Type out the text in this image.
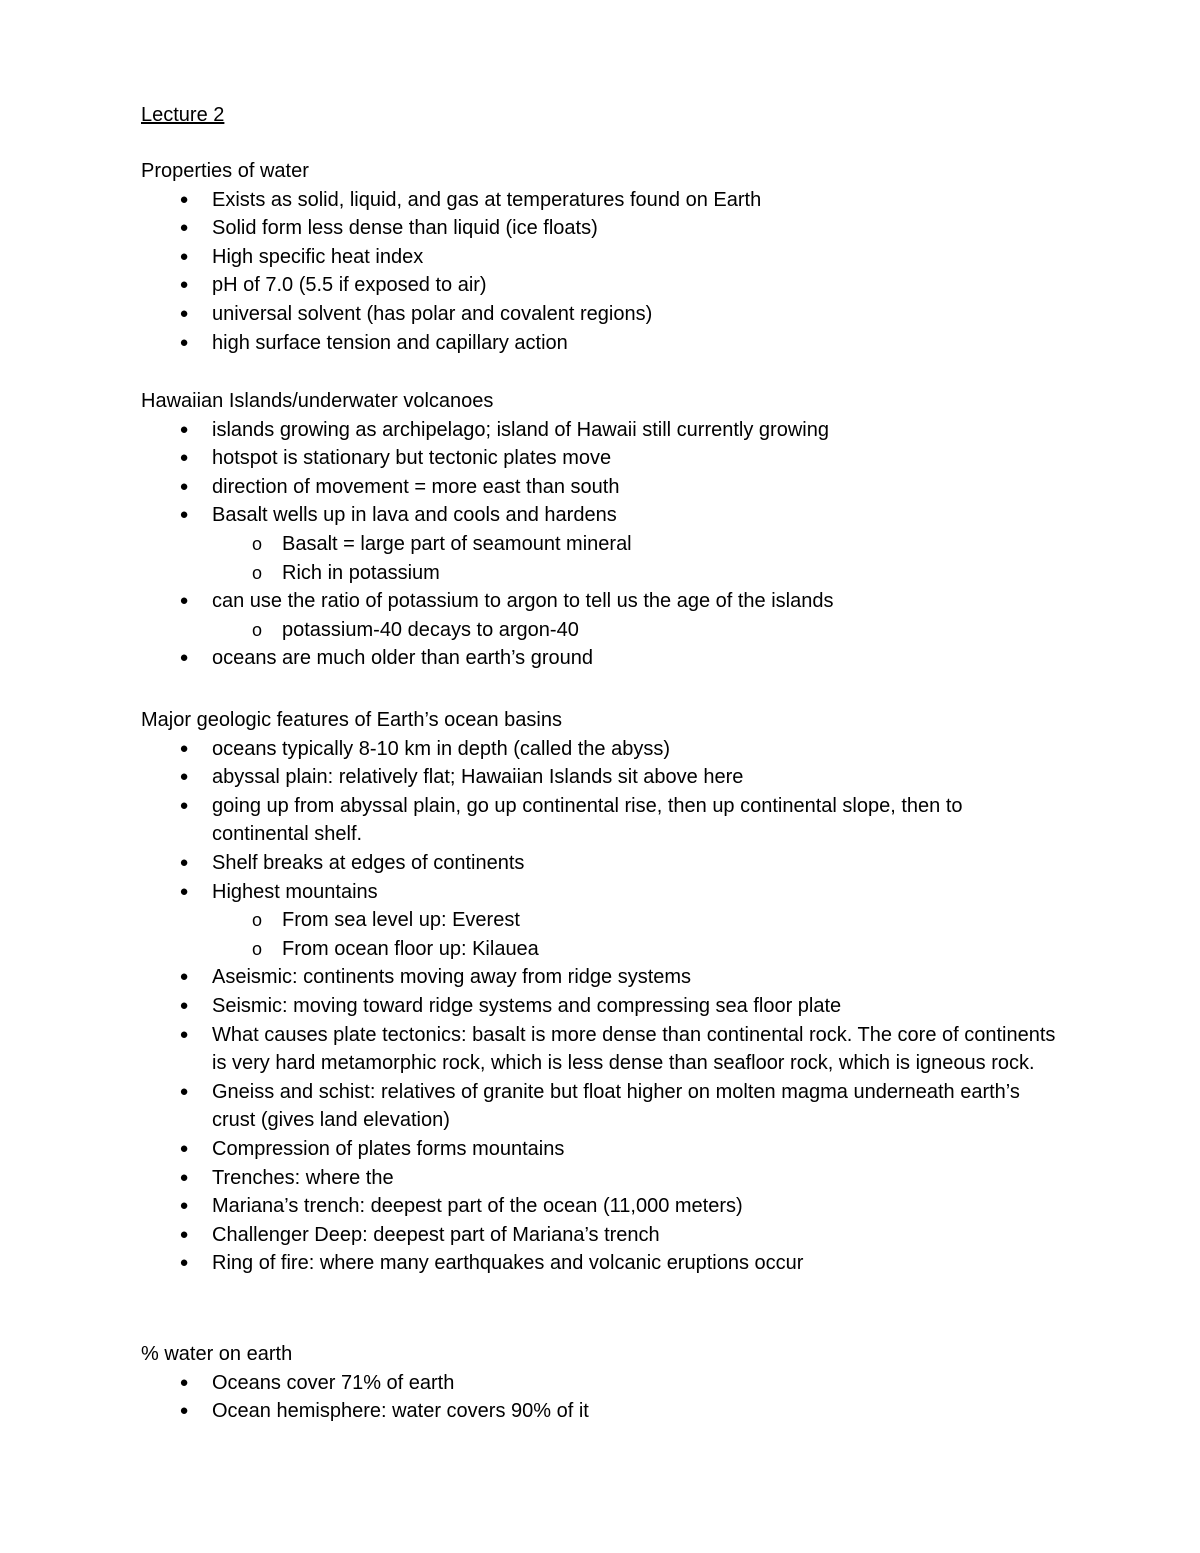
Lecture 2
Properties of water
● Exists as solid, liquid, and gas at temperatures found on Earth
● Solid form less dense than liquid (ice floats)
● High specific heat index
● pH of 7.0 (5.5 if exposed to air)
● universal solvent (has polar and covalent regions)
● high surface tension and capillary action
Hawaiian Islands/underwater volcanoes
● islands growing as archipelago; island of Hawaii still currently growing
● hotspot is stationary but tectonic plates move
● direction of movement = more east than south
● Basalt wells up in lava and cools and hardens
o Basalt = large part of seamount mineral
o Rich in potassium
● can use the ratio of potassium to argon to tell us the age of the islands
o potassium-40 decays to argon-40
● oceans are much older than earth’s ground
Major geologic features of Earth’s ocean basins
● oceans typically 8-10 km in depth (called the abyss)
● abyssal plain: relatively flat; Hawaiian Islands sit above here
● going up from abyssal plain, go up continental rise, then up continental slope, then to continental shelf.
● Shelf breaks at edges of continents
● Highest mountains
o From sea level up: Everest
o From ocean floor up: Kilauea
● Aseismic: continents moving away from ridge systems
● Seismic: moving toward ridge systems and compressing sea floor plate
● What causes plate tectonics: basalt is more dense than continental rock. The core of continents is very hard metamorphic rock, which is less dense than seafloor rock, which is igneous rock.
● Gneiss and schist: relatives of granite but float higher on molten magma underneath earth’s crust (gives land elevation)
● Compression of plates forms mountains
● Trenches: where the
● Mariana’s trench: deepest part of the ocean (11,000 meters)
● Challenger Deep: deepest part of Mariana’s trench
● Ring of fire: where many earthquakes and volcanic eruptions occur
% water on earth
● Oceans cover 71% of earth
● Ocean hemisphere: water covers 90% of it
